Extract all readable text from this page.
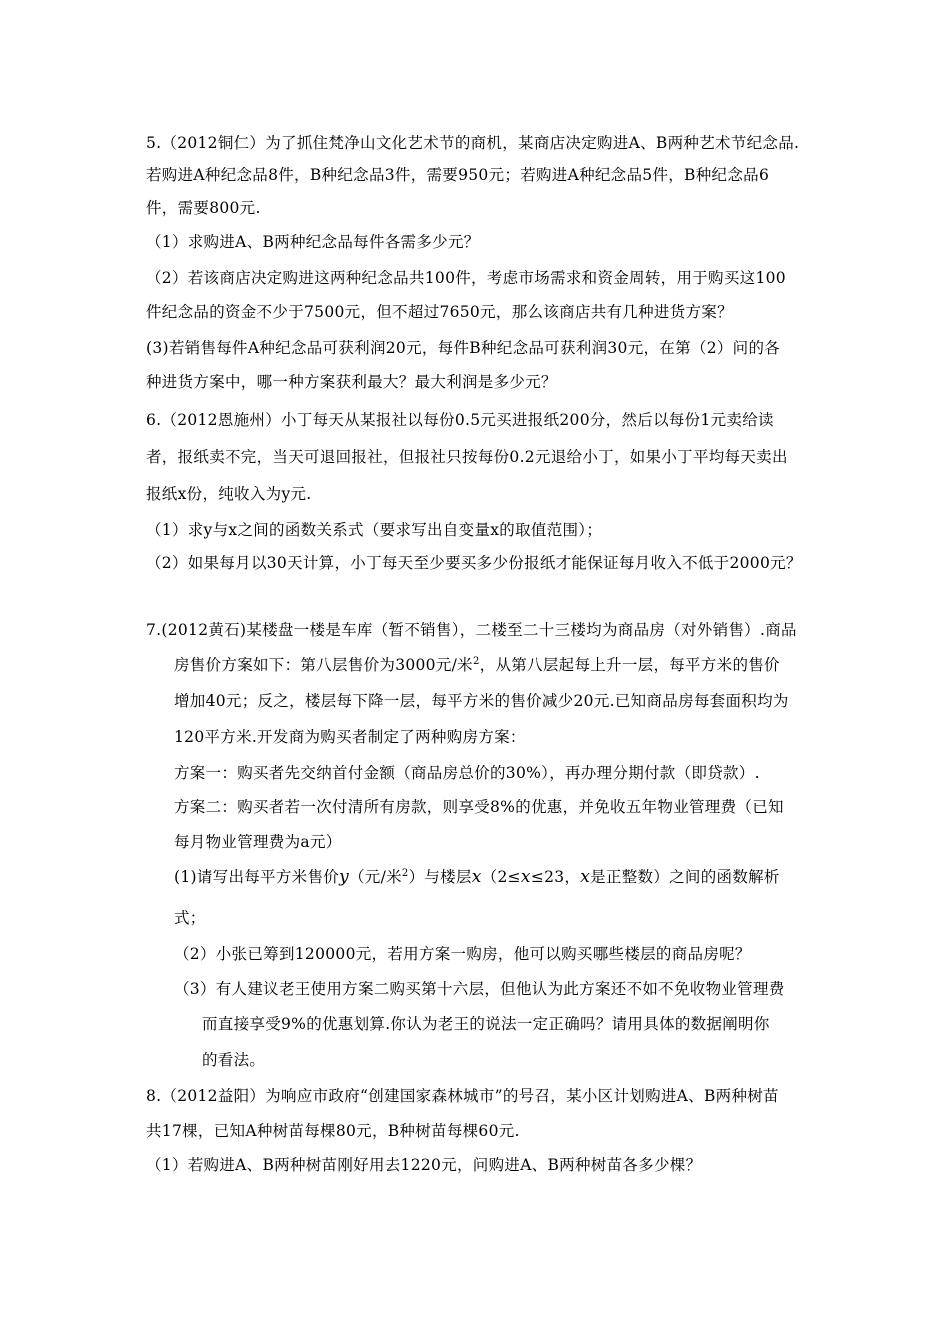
5.（2012铜仁）为了抓住梵净山文化艺术节的商机，某商店决定购进A、B两种艺术节纪念品.
若购进A种纪念品8件，B种纪念品3件，需要950元；若购进A种纪念品5件，B种纪念品6
件，需要800元.
（1）求购进A、B两种纪念品每件各需多少元？
（2）若该商店决定购进这两种纪念品共100件，考虑市场需求和资金周转，用于购买这100
件纪念品的资金不少于7500元，但不超过7650元，那么该商店共有几种进货方案？
(3)若销售每件A种纪念品可获利润20元，每件B种纪念品可获利润30元，在第（2）问的各
种进货方案中，哪一种方案获利最大？最大利润是多少元？
6.（2012恩施州）小丁每天从某报社以每份0.5元买进报纸200分，然后以每份1元卖给读
者，报纸卖不完，当天可退回报社，但报社只按每份0.2元退给小丁，如果小丁平均每天卖出
报纸x份，纯收入为y元.
（1）求y与x之间的函数关系式（要求写出自变量x的取值范围）；
（2）如果每月以30天计算，小丁每天至少要买多少份报纸才能保证每月收入不低于2000元？
7.(2012黄石)某楼盘一楼是车库（暂不销售），二楼至二十三楼均为商品房（对外销售）.商品
房售价方案如下：第八层售价为3000元/米$^2$，从第八层起每上升一层，每平方米的售价
增加40元；反之，楼层每下降一层，每平方米的售价减少20元.已知商品房每套面积均为
120平方米.开发商为购买者制定了两种购房方案：
方案一：购买者先交纳首付金额（商品房总价的30%），再办理分期付款（即贷款）.
方案二：购买者若一次付清所有房款，则享受8%的优惠，并免收五年物业管理费（已知
每月物业管理费为a元）
(1)请写出每平方米售价y（元/米$^2$）与楼层x（2≤x≤23，x是正整数）之间的函数解析
式；
（2）小张已筹到120000元，若用方案一购房，他可以购买哪些楼层的商品房呢？
（3）有人建议老王使用方案二购买第十六层，但他认为此方案还不如不免收物业管理费
而直接享受9%的优惠划算.你认为老王的说法一定正确吗？请用具体的数据阐明你
的看法。
8.（2012益阳）为响应市政府“创建国家森林城市”的号召，某小区计划购进A、B两种树苗
共17棵，已知A种树苗每棵80元，B种树苗每棵60元.
（1）若购进A、B两种树苗刚好用去1220元，问购进A、B两种树苗各多少棵？
